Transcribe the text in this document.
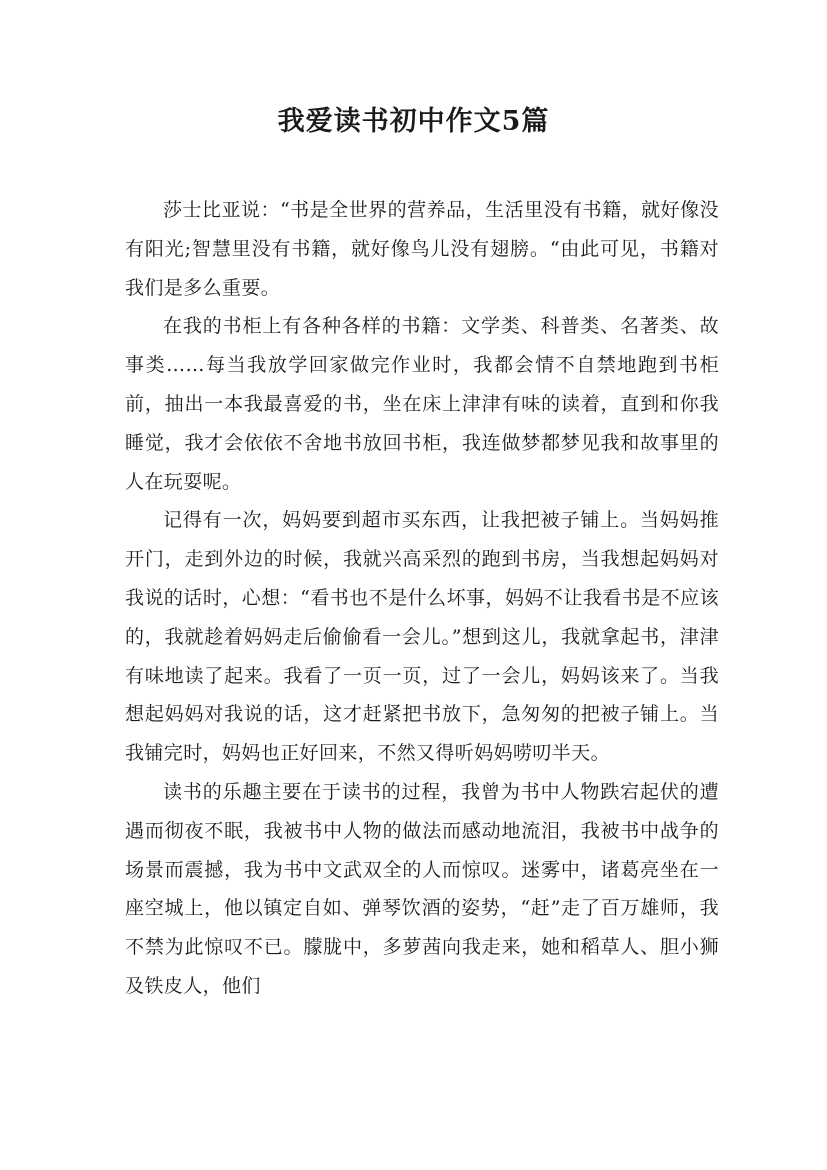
我爱读书初中作文5篇

莎士比亚说：“书是全世界的营养品，生活里没有书籍，就好像没有阳光;智慧里没有书籍，就好像鸟儿没有翅膀。“由此可见，书籍对我们是多么重要。

在我的书柜上有各种各样的书籍：文学类、科普类、名著类、故事类……每当我放学回家做完作业时，我都会情不自禁地跑到书柜前，抽出一本我最喜爱的书，坐在床上津津有味的读着，直到和你我睡觉，我才会依依不舍地书放回书柜，我连做梦都梦见我和故事里的人在玩耍呢。

记得有一次，妈妈要到超市买东西，让我把被子铺上。当妈妈推开门，走到外边的时候，我就兴高采烈的跑到书房，当我想起妈妈对我说的话时，心想：“看书也不是什么坏事，妈妈不让我看书是不应该的，我就趁着妈妈走后偷偷看一会儿。”想到这儿，我就拿起书，津津有味地读了起来。我看了一页一页，过了一会儿，妈妈该来了。当我想起妈妈对我说的话，这才赶紧把书放下，急匆匆的把被子铺上。当我铺完时，妈妈也正好回来，不然又得听妈妈唠叨半天。

读书的乐趣主要在于读书的过程，我曾为书中人物跌宕起伏的遭遇而彻夜不眠，我被书中人物的做法而感动地流泪，我被书中战争的场景而震撼，我为书中文武双全的人而惊叹。迷雾中，诸葛亮坐在一座空城上，他以镇定自如、弹琴饮酒的姿势，“赶”走了百万雄师，我不禁为此惊叹不已。朦胧中，多萝茜向我走来，她和稻草人、胆小狮及铁皮人，他们
